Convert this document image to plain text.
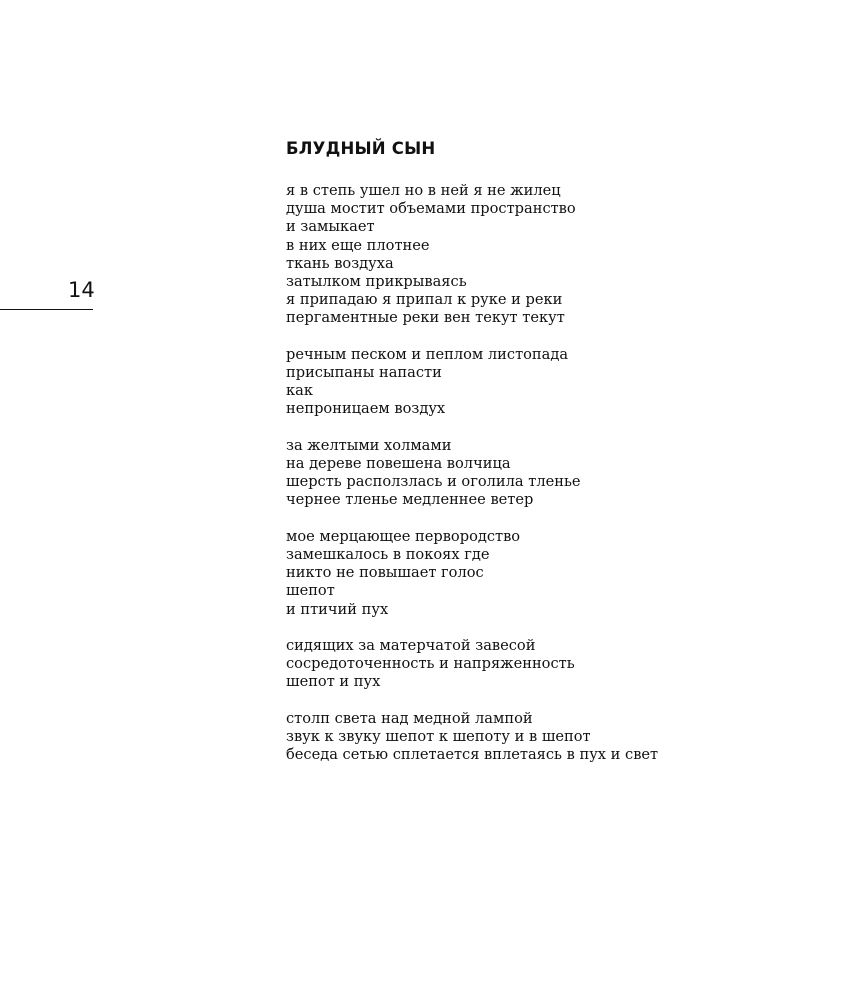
14
БЛУДНЫЙ СЫН
я в степь ушел но в ней я не жилец
душа мостит объемами пространство
и замыкает
в них еще плотнее
ткань воздуха
затылком прикрываясь
я припадаю я припал к руке и реки
пергаментные реки вен текут текут
речным песком и пеплом листопада
присыпаны напасти
как
непроницаем воздух
за желтыми холмами
на дереве повешена волчица
шерсть расползлась и оголила тленье
чернее тленье медленнее ветер
мое мерцающее первородство
замешкалось в покоях где
никто не повышает голос
шепот
и птичий пух
сидящих за матерчатой завесой
сосредоточенность и напряженность
шепот и пух
столп света над медной лампой
звук к звуку шепот к шепоту и в шепот
беседа сетью сплетается вплетаясь в пух и свет
